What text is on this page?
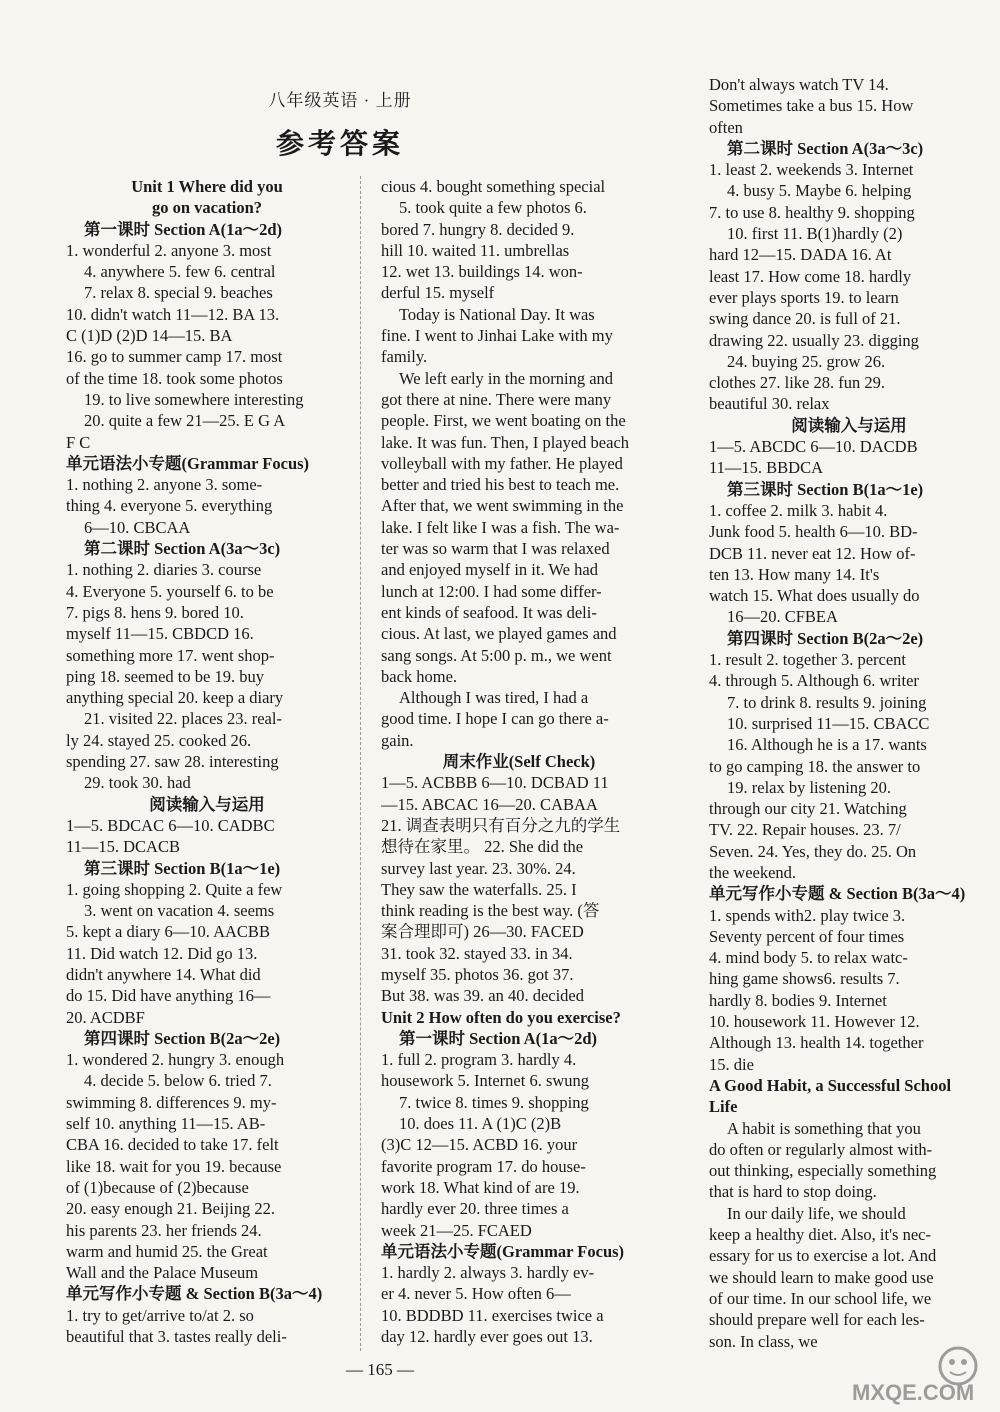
八年级英语 · 上册
参考答案
Unit 1 Where did you
go on vacation?
第一课时 Section A(1a～2d)
1. wonderful 2. anyone 3. most
4. anywhere 5. few 6. central
7. relax 8. special 9. beaches
10. didn't watch 11—12. BA 13.
C (1)D (2)D 14—15. BA
16. go to summer camp 17. most
of the time 18. took some photos
19. to live somewhere interesting
20. quite a few 21—25. E G A
F C
单元语法小专题(Grammar Focus)
1. nothing 2. anyone 3. some-
thing 4. everyone 5. everything
6—10. CBCAA
第二课时 Section A(3a～3c)
1. nothing 2. diaries 3. course
4. Everyone 5. yourself 6. to be
7. pigs 8. hens 9. bored 10.
myself 11—15. CBDCD 16.
something more 17. went shop-
ping 18. seemed to be 19. buy
anything special 20. keep a diary
21. visited 22. places 23. real-
ly 24. stayed 25. cooked 26.
spending 27. saw 28. interesting
29. took 30. had
阅读输入与运用
1—5. BDCAC 6—10. CADBC
11—15. DCACB
第三课时 Section B(1a～1e)
1. going shopping 2. Quite a few
3. went on vacation 4. seems
5. kept a diary 6—10. AACBB
11. Did watch 12. Did go 13.
didn't anywhere 14. What did
do 15. Did have anything 16—
20. ACDBF
第四课时 Section B(2a～2e)
1. wondered 2. hungry 3. enough
4. decide 5. below 6. tried 7.
swimming 8. differences 9. my-
self 10. anything 11—15. AB-
CBA 16. decided to take 17. felt
like 18. wait for you 19. because
of (1)because of (2)because
20. easy enough 21. Beijing 22.
his parents 23. her friends 24.
warm and humid 25. the Great
Wall and the Palace Museum
单元写作小专题 & Section B(3a～4)
1. try to get/arrive to/at 2. so
beautiful that 3. tastes really deli-
cious 4. bought something special
5. took quite a few photos 6.
bored 7. hungry 8. decided 9.
hill 10. waited 11. umbrellas
12. wet 13. buildings 14. won-
derful 15. myself
Today is National Day. It was
fine. I went to Jinhai Lake with my
family.
We left early in the morning and
got there at nine. There were many
people. First, we went boating on the
lake. It was fun. Then, I played beach
volleyball with my father. He played
better and tried his best to teach me.
After that, we went swimming in the
lake. I felt like I was a fish. The wa-
ter was so warm that I was relaxed
and enjoyed myself in it. We had
lunch at 12:00. I had some differ-
ent kinds of seafood. It was deli-
cious. At last, we played games and
sang songs. At 5:00 p. m., we went
back home.
Although I was tired, I had a
good time. I hope I can go there a-
gain.
周末作业(Self Check)
1—5. ACBBB 6—10. DCBAD 11
—15. ABCAC 16—20. CABAA
21. 调查表明只有百分之九的学生
想待在家里。 22. She did the
survey last year. 23. 30%. 24.
They saw the waterfalls. 25. I
think reading is the best way. (答
案合理即可) 26—30. FACED
31. took 32. stayed 33. in 34.
myself 35. photos 36. got 37.
But 38. was 39. an 40. decided
Unit 2 How often do you exercise?
第一课时 Section A(1a～2d)
1. full 2. program 3. hardly 4.
housework 5. Internet 6. swung
7. twice 8. times 9. shopping
10. does 11. A (1)C (2)B
(3)C 12—15. ACBD 16. your
favorite program 17. do house-
work 18. What kind of are 19.
hardly ever 20. three times a
week 21—25. FCAED
单元语法小专题(Grammar Focus)
1. hardly 2. always 3. hardly ev-
er 4. never 5. How often 6—
10. BDDBD 11. exercises twice a
day 12. hardly ever goes out 13.
Don't always watch TV 14.
Sometimes take a bus 15. How
often
第二课时 Section A(3a～3c)
1. least 2. weekends 3. Internet
4. busy 5. Maybe 6. helping
7. to use 8. healthy 9. shopping
10. first 11. B(1)hardly (2)
hard 12—15. DADA 16. At
least 17. How come 18. hardly
ever plays sports 19. to learn
swing dance 20. is full of 21.
drawing 22. usually 23. digging
24. buying 25. grow 26.
clothes 27. like 28. fun 29.
beautiful 30. relax
阅读输入与运用
1—5. ABCDC 6—10. DACDB
11—15. BBDCA
第三课时 Section B(1a～1e)
1. coffee 2. milk 3. habit 4.
Junk food 5. health 6—10. BD-
DCB 11. never eat 12. How of-
ten 13. How many 14. It's
watch 15. What does usually do
16—20. CFBEA
第四课时 Section B(2a～2e)
1. result 2. together 3. percent
4. through 5. Although 6. writer
7. to drink 8. results 9. joining
10. surprised 11—15. CBACC
16. Although he is a 17. wants
to go camping 18. the answer to
19. relax by listening 20.
through our city 21. Watching
TV. 22. Repair houses. 23. 7/
Seven. 24. Yes, they do. 25. On
the weekend.
单元写作小专题 & Section B(3a～4)
1. spends with2. play twice 3.
Seventy percent of four times
4. mind body 5. to relax watc-
hing game shows6. results 7.
hardly 8. bodies 9. Internet
10. housework 11. However 12.
Although 13. health 14. together
15. die
A Good Habit, a Successful School
Life
A habit is something that you
do often or regularly almost with-
out thinking, especially something
that is hard to stop doing.
In our daily life, we should
keep a healthy diet. Also, it's nec-
essary for us to exercise a lot. And
we should learn to make good use
of our time. In our school life, we
should prepare well for each les-
son. In class, we
— 165 —
MXQE.COM
